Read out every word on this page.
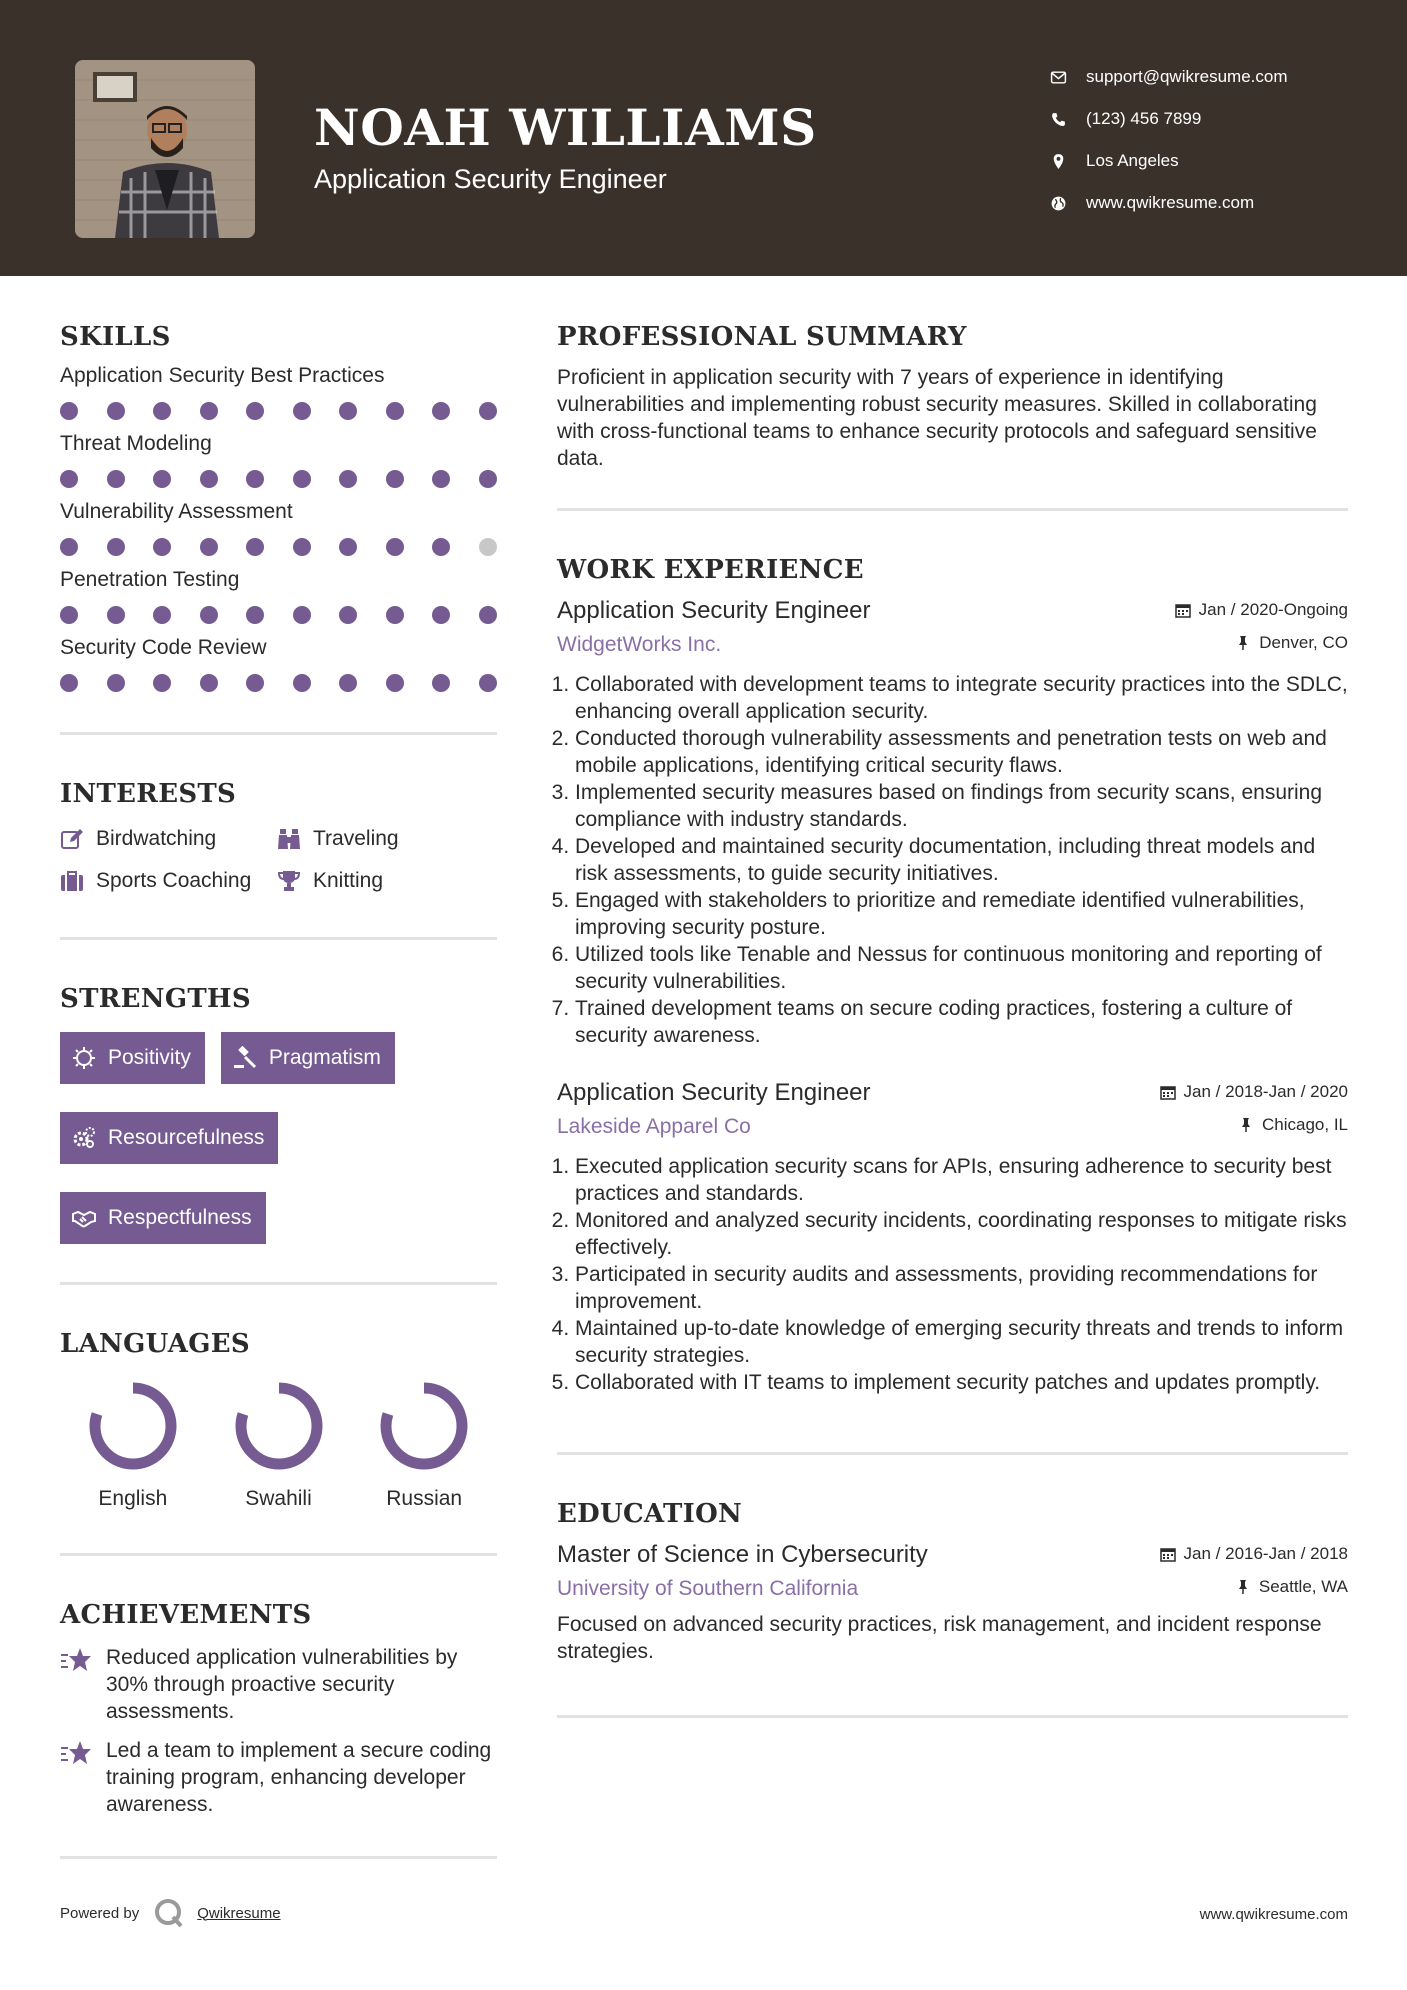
NOAH WILLIAMS
Application Security Engineer
support@qwikresume.com
(123) 456 7899
Los Angeles
www.qwikresume.com
SKILLS
Application Security Best Practices
Threat Modeling
Vulnerability Assessment
Penetration Testing
Security Code Review
INTERESTS
Birdwatching	Traveling
Sports Coaching	Knitting
STRENGTHS
Positivity	Pragmatism
Resourcefulness
Respectfulness
LANGUAGES
English	Swahili	Russian
ACHIEVEMENTS
Reduced application vulnerabilities by 30% through proactive security assessments.
Led a team to implement a secure coding training program, enhancing developer awareness.
PROFESSIONAL SUMMARY
Proficient in application security with 7 years of experience in identifying vulnerabilities and implementing robust security measures. Skilled in collaborating with cross-functional teams to enhance security protocols and safeguard sensitive data.
WORK EXPERIENCE
Application Security Engineer	Jan / 2020-Ongoing
WidgetWorks Inc.	Denver, CO
1. Collaborated with development teams to integrate security practices into the SDLC, enhancing overall application security.
2. Conducted thorough vulnerability assessments and penetration tests on web and mobile applications, identifying critical security flaws.
3. Implemented security measures based on findings from security scans, ensuring compliance with industry standards.
4. Developed and maintained security documentation, including threat models and risk assessments, to guide security initiatives.
5. Engaged with stakeholders to prioritize and remediate identified vulnerabilities, improving security posture.
6. Utilized tools like Tenable and Nessus for continuous monitoring and reporting of security vulnerabilities.
7. Trained development teams on secure coding practices, fostering a culture of security awareness.
Application Security Engineer	Jan / 2018-Jan / 2020
Lakeside Apparel Co	Chicago, IL
1. Executed application security scans for APIs, ensuring adherence to security best practices and standards.
2. Monitored and analyzed security incidents, coordinating responses to mitigate risks effectively.
3. Participated in security audits and assessments, providing recommendations for improvement.
4. Maintained up-to-date knowledge of emerging security threats and trends to inform security strategies.
5. Collaborated with IT teams to implement security patches and updates promptly.
EDUCATION
Master of Science in Cybersecurity	Jan / 2016-Jan / 2018
University of Southern California	Seattle, WA
Focused on advanced security practices, risk management, and incident response strategies.
Powered by	Qwikresume	www.qwikresume.com
